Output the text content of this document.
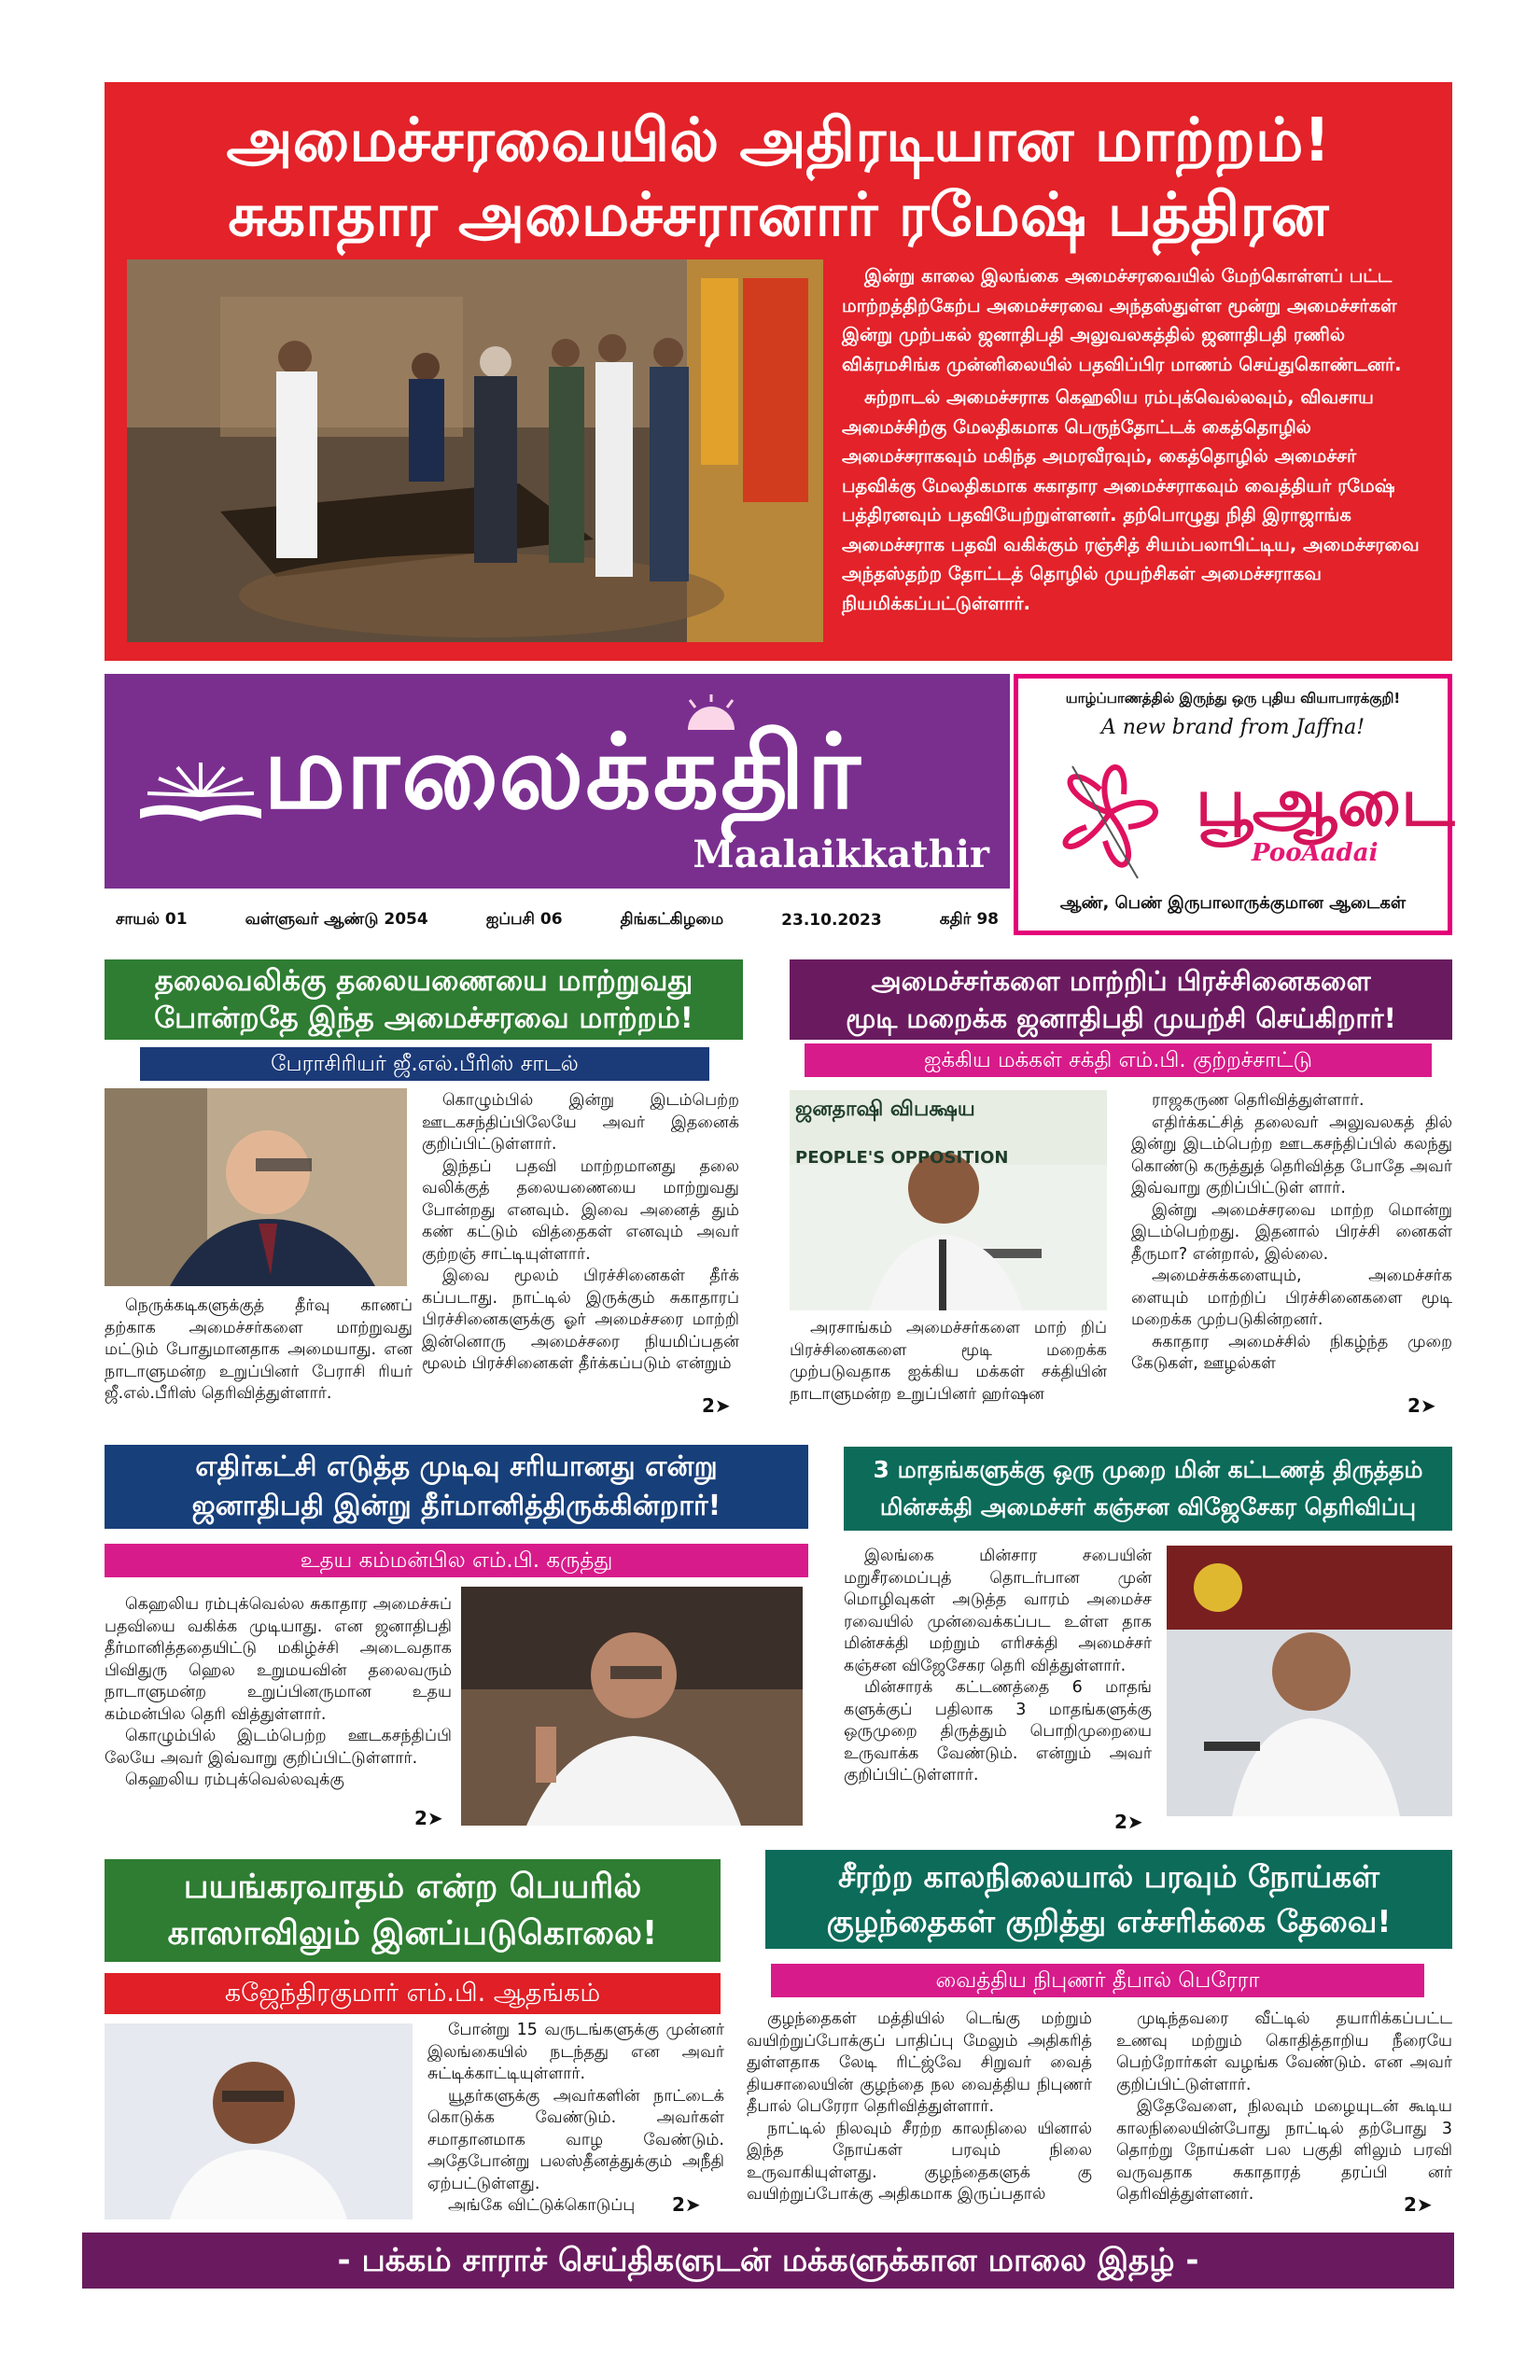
அமைச்சரவையில் அதிரடியான மாற்றம்!
சுகாதார அமைச்சரானார் ரமேஷ் பத்திரன

இன்று காலை இலங்கை அமைச்சரவையில் மேற்கொள்ளப் பட்ட மாற்றத்திற்கேற்ப அமைச்சரவை அந்தஸ்துள்ள மூன்று அமைச்சர்கள் இன்று முற்பகல் ஜனாதிபதி அலுவலகத்தில் ஜனாதிபதி ரணில் விக்ரமசிங்க முன்னிலையில் பதவிப்பிர மாணம் செய்துகொண்டனர்.

சுற்றாடல் அமைச்சராக கெஹலிய ரம்புக்வெல்லவும், விவசாய அமைச்சிற்கு மேலதிகமாக பெருந்தோட்டக் கைத்தொழில் அமைச்சராகவும் மகிந்த அமரவீரவும், கைத்தொழில் அமைச்சர் பதவிக்கு மேலதிகமாக சுகாதார அமைச்சராகவும் வைத்தியர் ரமேஷ் பத்திரனவும் பதவியேற்றுள்ளனர். தற்பொழுது நிதி இராஜாங்க அமைச்சராக பதவி வகிக்கும் ரஞ்சித் சியம்பலாபிட்டிய, அமைச்சரவை அந்தஸ்தற்ற தோட்டத் தொழில் முயற்சிகள் அமைச்சராகவ நியமிக்கப்பட்டுள்ளார்.

மாலைக்கதிர்
Maalaikkathir
யாழ்ப்பாணத்தில் இருந்து ஒரு புதிய வியாபாரக்குறி!
A new brand from Jaffna!
பூஆடை
PooAadai
ஆண், பெண் இருபாலாருக்குமான ஆடைகள்
சாயல் 01	வள்ளுவர் ஆண்டு 2054	ஐப்பசி 06	திங்கட்கிழமை	23.10.2023	கதிர் 98
தலைவலிக்கு தலையணையை மாற்றுவது
போன்றதே இந்த அமைச்சரவை மாற்றம்!
பேராசிரியர் ஜீ.எல்.பீரிஸ் சாடல்

நெருக்கடிகளுக்குத் தீர்வு காணப் தற்காக அமைச்சர்களை மாற்றுவது மட்டும் போதுமானதாக அமையாது. என நாடாளுமன்ற உறுப்பினர் பேராசி ரியர் ஜீ.எல்.பீரிஸ் தெரிவித்துள்ளார்.

கொழும்பில் இன்று இடம்பெற்ற ஊடகசந்திப்பிலேயே அவர் இதனைக் குறிப்பிட்டுள்ளார்.

இந்தப் பதவி மாற்றமானது தலை வலிக்குத் தலையணையை மாற்றுவது போன்றது எனவும். இவை அனைத் தும் கண் கட்டும் வித்தைகள் எனவும் அவர் குற்றஞ் சாட்டியுள்ளார்.

இவை மூலம் பிரச்சினைகள் தீர்க் கப்படாது. நாட்டில் இருக்கும் சுகாதாரப் பிரச்சினைகளுக்கு ஓர் அமைச்சரை மாற்றி இன்னொரு அமைச்சரை நியமிப்பதன் மூலம் பிரச்சினைகள் தீர்க்கப்படும் என்றும்

2➤
அமைச்சர்களை மாற்றிப் பிரச்சினைகளை
மூடி மறைக்க ஜனாதிபதி முயற்சி செய்கிறார்!
ஐக்கிய மக்கள் சக்தி எம்.பி. குற்றச்சாட்டு
ஜனதாஷி விபக்ஷய
PEOPLE'S OPPOSITION

அரசாங்கம் அமைச்சர்களை மாற் றிப் பிரச்சினைகளை மூடி மறைக்க முற்படுவதாக ஐக்கிய மக்கள் சக்தியின் நாடாளுமன்ற உறுப்பினர் ஹர்ஷன

ராஜகருண தெரிவித்துள்ளார்.

எதிர்க்கட்சித் தலைவர் அலுவலகத் தில் இன்று இடம்பெற்ற ஊடகசந்திப்பில் கலந்து கொண்டு கருத்துத் தெரிவித்த போதே அவர் இவ்வாறு குறிப்பிட்டுள் ளார்.

இன்று அமைச்சரவை மாற்ற மொன்று இடம்பெற்றது. இதனால் பிரச்சி னைகள் தீருமா? என்றால், இல்லை.

அமைச்சுக்களையும், அமைச்சர்க ளையும் மாற்றிப் பிரச்சினைகளை மூடி மறைக்க முற்படுகின்றனர்.

சுகாதார அமைச்சில் நிகழ்ந்த முறை கேடுகள், ஊழல்கள்

2➤
எதிர்கட்சி எடுத்த முடிவு சரியானது என்று
ஜனாதிபதி இன்று தீர்மானித்திருக்கின்றார்!
உதய கம்மன்பில எம்.பி. கருத்து

கெஹலிய ரம்புக்வெல்ல சுகாதார அமைச்சுப் பதவியை வகிக்க முடியாது. என ஜனாதிபதி தீர்மானித்ததையிட்டு மகிழ்ச்சி அடைவதாக பிவிதுரு ஹெல உறுமயவின் தலைவரும் நாடாளுமன்ற உறுப்பினருமான உதய கம்மன்பில தெரி வித்துள்ளார்.

கொழும்பில் இடம்பெற்ற ஊடகசந்திப்பி லேயே அவர் இவ்வாறு குறிப்பிட்டுள்ளார்.

கெஹலிய ரம்புக்வெல்லவுக்கு

2➤
3 மாதங்களுக்கு ஒரு முறை மின் கட்டணத் திருத்தம்
மின்சக்தி அமைச்சர் கஞ்சன விஜேசேகர தெரிவிப்பு

இலங்கை மின்சார சபையின் மறுசீரமைப்புத் தொடர்பான முன் மொழிவுகள் அடுத்த வாரம் அமைச்ச ரவையில் முன்வைக்கப்பட உள்ள தாக மின்சக்தி மற்றும் எரிசக்தி அமைச்சர் கஞ்சன விஜேசேகர தெரி வித்துள்ளார்.

மின்சாரக் கட்டணத்தை 6 மாதங் களுக்குப் பதிலாக 3 மாதங்களுக்கு ஒருமுறை திருத்தும் பொறிமுறையை உருவாக்க வேண்டும். என்றும் அவர் குறிப்பிட்டுள்ளார்.

2➤
பயங்கரவாதம் என்ற பெயரில்
காஸாவிலும் இனப்படுகொலை!
கஜேந்திரகுமார் எம்.பி. ஆதங்கம்

போன்று 15 வருடங்களுக்கு முன்னர் இலங்கையில் நடந்தது என அவர் சுட்டிக்காட்டியுள்ளார்.

யூதர்களுக்கு அவர்களின் நாட்டைக் கொடுக்க வேண்டும். அவர்கள் சமாதானமாக வாழ வேண்டும். அதேபோன்று பலஸ்தீனத்துக்கும் அநீதி ஏற்பட்டுள்ளது.

அங்கே விட்டுக்கொடுப்பு	2➤
சீரற்ற காலநிலையால் பரவும் நோய்கள்
குழந்தைகள் குறித்து எச்சரிக்கை தேவை!
வைத்திய நிபுணர் தீபால் பெரேரா

குழந்தைகள் மத்தியில் டெங்கு மற்றும் வயிற்றுப்போக்குப் பாதிப்பு மேலும் அதிகரித் துள்ளதாக லேடி ரிட்ஜ்வே சிறுவர் வைத் தியசாலையின் குழந்தை நல வைத்திய நிபுணர் தீபால் பெரேரா தெரிவித்துள்ளார்.

நாட்டில் நிலவும் சீரற்ற காலநிலை யினால் இந்த நோய்கள் பரவும் நிலை உருவாகியுள்ளது. குழந்தைகளுக் கு வயிற்றுப்போக்கு அதிகமாக இருப்பதால்

முடிந்தவரை வீட்டில் தயாரிக்கப்பட்ட உணவு மற்றும் கொதித்தாறிய நீரையே பெற்றோர்கள் வழங்க வேண்டும். என அவர் குறிப்பிட்டுள்ளார்.

இதேவேளை, நிலவும் மழையுடன் கூடிய காலநிலையின்போது நாட்டில் தற்போது 3 தொற்று நோய்கள் பல பகுதி ளிலும் பரவி வருவதாக சுகாதாரத் தரப்பி னர் தெரிவித்துள்ளனர்.	2➤
- பக்கம் சாராச் செய்திகளுடன் மக்களுக்கான மாலை இதழ் -
